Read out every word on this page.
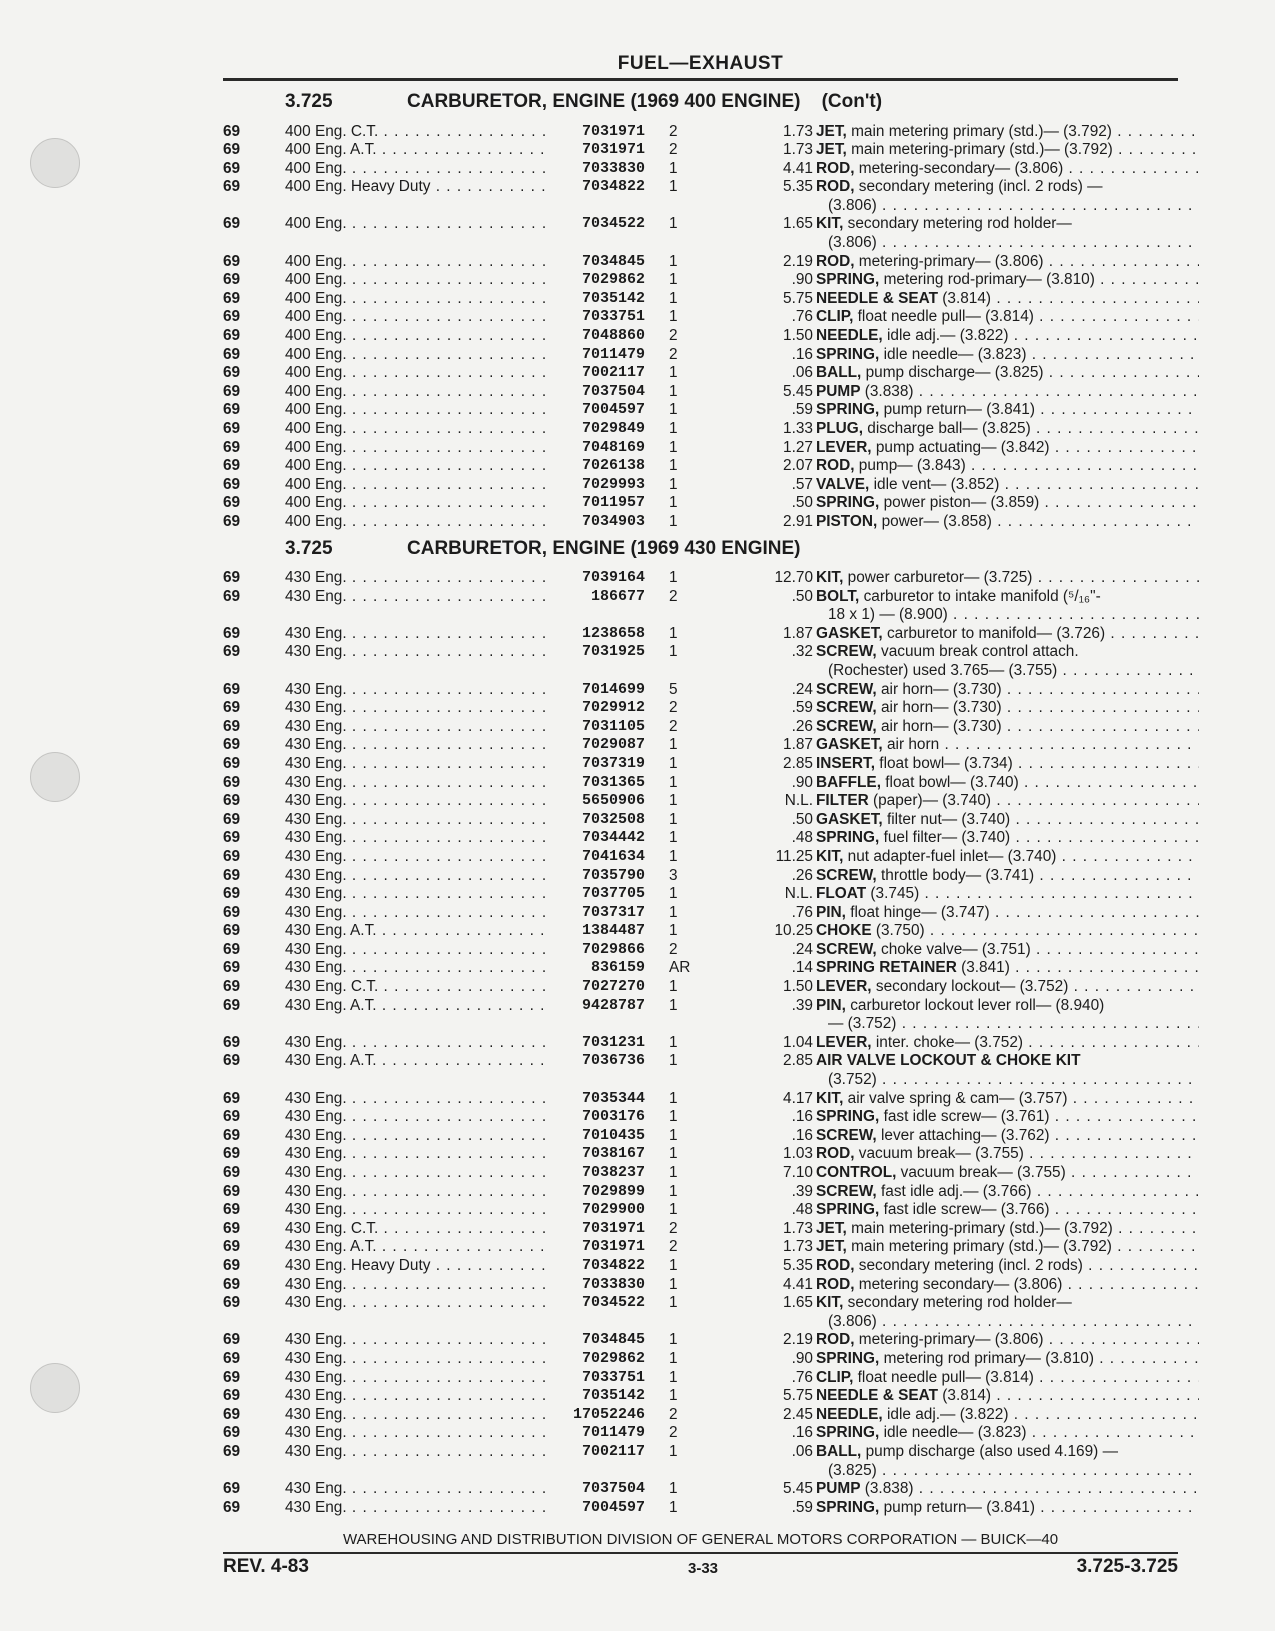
FUEL—EXHAUST
3.725	CARBURETOR, ENGINE (1969 400 ENGINE)    (Con't)
69	400 Eng. C.T. . . .	7031971 2	1.73 JET, main metering primary (std.)— (3.792) . . .
69	400 Eng. A.T. . . .	7031971 2	1.73 JET, main metering-primary (std.)— (3.792) . . .
69	400 Eng. . . .	7033830 1	4.41 ROD, metering-secondary— (3.806) . . .
69	400 Eng. Heavy Duty . . .	7034822 1	5.35 ROD, secondary metering (incl. 2 rods) —
(3.806) . . .
69	400 Eng. . . .	7034522 1	1.65 KIT, secondary metering rod holder—
(3.806) . . .
69	400 Eng. . . .	7034845 1	2.19 ROD, metering-primary— (3.806) . . .
69	400 Eng. . . .	7029862 1	.90 SPRING, metering rod-primary— (3.810) . . .
69	400 Eng. . . .	7035142 1	5.75 NEEDLE & SEAT (3.814) . . .
69	400 Eng. . . .	7033751 1	.76 CLIP, float needle pull— (3.814) . . .
69	400 Eng. . . .	7048860 2	1.50 NEEDLE, idle adj.— (3.822) . . .
69	400 Eng. . . .	7011479 2	.16 SPRING, idle needle— (3.823) . . .
69	400 Eng. . . .	7002117 1	.06 BALL, pump discharge— (3.825) . . .
69	400 Eng. . . .	7037504 1	5.45 PUMP (3.838) . . .
69	400 Eng. . . .	7004597 1	.59 SPRING, pump return— (3.841) . . .
69	400 Eng. . . .	7029849 1	1.33 PLUG, discharge ball— (3.825) . . .
69	400 Eng. . . .	7048169 1	1.27 LEVER, pump actuating— (3.842) . . .
69	400 Eng. . . .	7026138 1	2.07 ROD, pump— (3.843) . . .
69	400 Eng. . . .	7029993 1	.57 VALVE, idle vent— (3.852) . . .
69	400 Eng. . . .	7011957 1	.50 SPRING, power piston— (3.859) . . .
69	400 Eng. . . .	7034903 1	2.91 PISTON, power— (3.858) . . .
3.725	CARBURETOR, ENGINE (1969 430 ENGINE)
69	430 Eng. . . .	7039164 1	12.70 KIT, power carburetor— (3.725) . . .
69	430 Eng. . . .	186677 2	.50 BOLT, carburetor to intake manifold (⁵/₁₆"-
18 x 1) — (8.900) . . .
69	430 Eng. . . .	1238658 1	1.87 GASKET, carburetor to manifold— (3.726) . . .
69	430 Eng. . . .	7031925 1	.32 SCREW, vacuum break control attach.
(Rochester) used 3.765— (3.755) . . .
69	430 Eng. . . .	7014699 5	.24 SCREW, air horn— (3.730) . . .
69	430 Eng. . . .	7029912 2	.59 SCREW, air horn— (3.730) . . .
69	430 Eng. . . .	7031105 2	.26 SCREW, air horn— (3.730) . . .
69	430 Eng. . . .	7029087 1	1.87 GASKET, air horn . . .
69	430 Eng. . . .	7037319 1	2.85 INSERT, float bowl— (3.734) . . .
69	430 Eng. . . .	7031365 1	.90 BAFFLE, float bowl— (3.740) . . .
69	430 Eng. . . .	5650906 1	N.L. FILTER (paper)— (3.740) . . .
69	430 Eng. . . .	7032508 1	.50 GASKET, filter nut— (3.740) . . .
69	430 Eng. . . .	7034442 1	.48 SPRING, fuel filter— (3.740) . . .
69	430 Eng. . . .	7041634 1	11.25 KIT, nut adapter-fuel inlet— (3.740) . . .
69	430 Eng. . . .	7035790 3	.26 SCREW, throttle body— (3.741) . . .
69	430 Eng. . . .	7037705 1	N.L. FLOAT (3.745) . . .
69	430 Eng. . . .	7037317 1	.76 PIN, float hinge— (3.747) . . .
69	430 Eng. A.T. . . .	1384487 1	10.25 CHOKE (3.750) . . .
69	430 Eng. . . .	7029866 2	.24 SCREW, choke valve— (3.751) . . .
69	430 Eng. . . .	836159 AR	.14 SPRING RETAINER (3.841) . . .
69	430 Eng. C.T. . . .	7027270 1	1.50 LEVER, secondary lockout— (3.752) . . .
69	430 Eng. A.T. . . .	9428787 1	.39 PIN, carburetor lockout lever roll— (8.940)
— (3.752) . . .
69	430 Eng. . . .	7031231 1	1.04 LEVER, inter. choke— (3.752) . . .
69	430 Eng. A.T. . . .	7036736 1	2.85 AIR VALVE LOCKOUT & CHOKE KIT
(3.752) . . .
69	430 Eng. . . .	7035344 1	4.17 KIT, air valve spring & cam— (3.757) . . .
69	430 Eng. . . .	7003176 1	.16 SPRING, fast idle screw— (3.761) . . .
69	430 Eng. . . .	7010435 1	.16 SCREW, lever attaching— (3.762) . . .
69	430 Eng. . . .	7038167 1	1.03 ROD, vacuum break— (3.755) . . .
69	430 Eng. . . .	7038237 1	7.10 CONTROL, vacuum break— (3.755) . . .
69	430 Eng. . . .	7029899 1	.39 SCREW, fast idle adj.— (3.766) . . .
69	430 Eng. . . .	7029900 1	.48 SPRING, fast idle screw— (3.766) . . .
69	430 Eng. C.T. . . .	7031971 2	1.73 JET, main metering-primary (std.)— (3.792) . . .
69	430 Eng. A.T. . . .	7031971 2	1.73 JET, main metering primary (std.)— (3.792) . . .
69	430 Eng. Heavy Duty . . .	7034822 1	5.35 ROD, secondary metering (incl. 2 rods) . . .
69	430 Eng. . . .	7033830 1	4.41 ROD, metering secondary— (3.806) . . .
69	430 Eng. . . .	7034522 1	1.65 KIT, secondary metering rod holder—
(3.806) . . .
69	430 Eng. . . .	7034845 1	2.19 ROD, metering-primary— (3.806) . . .
69	430 Eng. . . .	7029862 1	.90 SPRING, metering rod primary— (3.810) . . .
69	430 Eng. . . .	7033751 1	.76 CLIP, float needle pull— (3.814) . . .
69	430 Eng. . . .	7035142 1	5.75 NEEDLE & SEAT (3.814) . . .
69	430 Eng. . . .	17052246 2	2.45 NEEDLE, idle adj.— (3.822) . . .
69	430 Eng. . . .	7011479 2	.16 SPRING, idle needle— (3.823) . . .
69	430 Eng. . . .	7002117 1	.06 BALL, pump discharge (also used 4.169) —
(3.825) . . .
69	430 Eng. . . .	7037504 1	5.45 PUMP (3.838) . . .
69	430 Eng. . . .	7004597 1	.59 SPRING, pump return— (3.841) . . .
WAREHOUSING AND DISTRIBUTION DIVISION OF GENERAL MOTORS CORPORATION — BUICK—40
REV. 4-83	3-33	3.725-3.725
